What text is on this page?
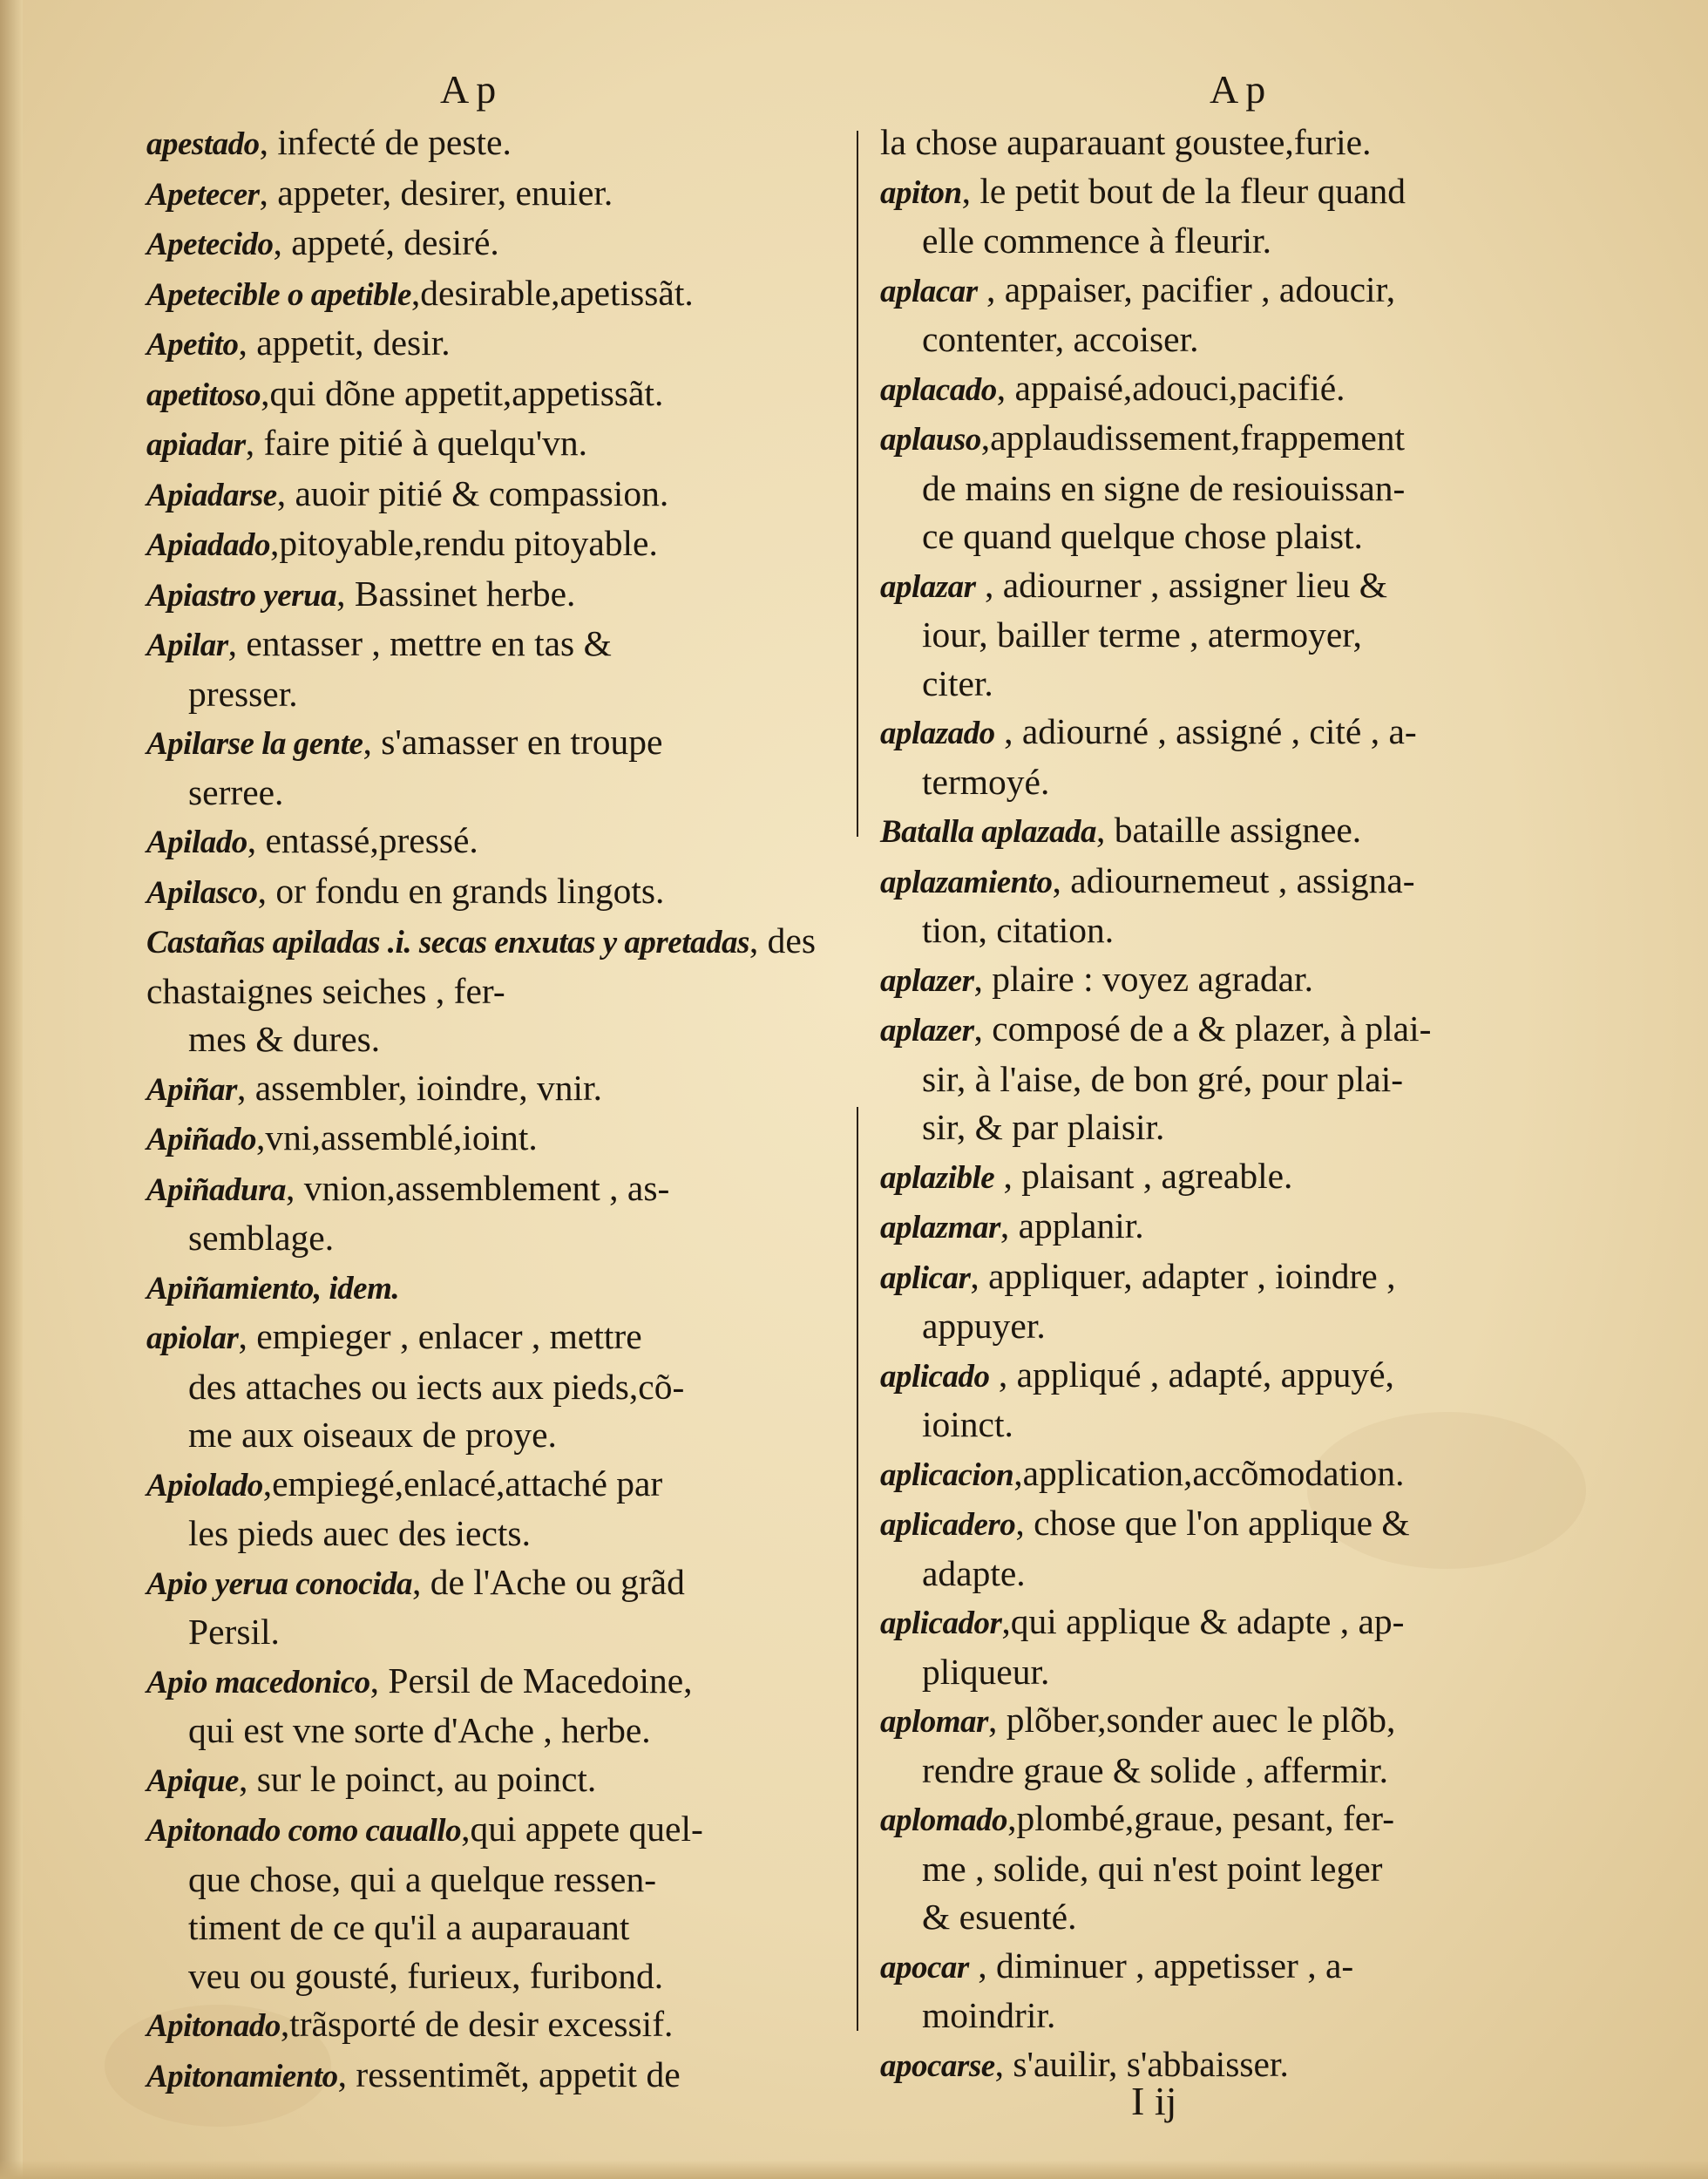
Ap	Ap

apestado, infecté de peste.

Apetecer, appeter, desirer, enuier.

Apetecido, appeté, desiré.

Apetecible o apetible,desirable,apetissãt.

Apetito, appetit, desir.

apetitoso,qui dõne appetit,appetissãt.

apiadar, faire pitié à quelqu'vn.

Apiadarse, auoir pitié & compassion.

Apiadado,pitoyable,rendu pitoyable.

Apiastro yerua, Bassinet herbe.

Apilar, entasser , mettre en tas &
presser.

Apilarse la gente, s'amasser en troupe
serree.

Apilado, entassé,pressé.

Apilasco, or fondu en grands lingots.

Castañas apiladas .i. secas enxutas y apretadas, des chastaignes seiches , fer-
mes & dures.

Apiñar, assembler, ioindre, vnir.

Apiñado,vni,assemblé,ioint.

Apiñadura, vnion,assemblement , as-
semblage.

Apiñamiento, idem.

apiolar, empieger , enlacer , mettre
des attaches ou iects aux pieds,cõ-
me aux oiseaux de proye.

Apiolado,empiegé,enlacé,attaché par
les pieds auec des iects.

Apio yerua conocida, de l'Ache ou grãd
Persil.

Apio macedonico, Persil de Macedoine,
qui est vne sorte d'Ache , herbe.

Apique, sur le poinct, au poinct.

Apitonado como cauallo,qui appete quel-
que chose, qui a quelque ressen-
timent de ce qu'il a auparauant
veu ou gousté, furieux, furibond.

Apitonado,trãsporté de desir excessif.

Apitonamiento, ressentimẽt, appetit de

la chose auparauant goustee,furie.

apiton, le petit bout de la fleur quand
elle commence à fleurir.

aplacar , appaiser, pacifier , adoucir,
contenter, accoiser.

aplacado, appaisé,adouci,pacifié.

aplauso,applaudissement,frappement
de mains en signe de resiouissan-
ce quand quelque chose plaist.

aplazar , adiourner , assigner lieu &
iour, bailler terme , atermoyer,
citer.

aplazado , adiourné , assigné , cité , a-
termoyé.

Batalla aplazada, bataille assignee.

aplazamiento, adiournemeut , assigna-
tion, citation.

aplazer, plaire : voyez agradar.

aplazer, composé de a & plazer, à plai-
sir, à l'aise, de bon gré, pour plai-
sir, & par plaisir.

aplazible , plaisant , agreable.

aplazmar, applanir.

aplicar, appliquer, adapter , ioindre ,
appuyer.

aplicado , appliqué , adapté, appuyé,
ioinct.

aplicacion,application,accõmodation.

aplicadero, chose que l'on applique &
adapte.

aplicador,qui applique & adapte , ap-
pliqueur.

aplomar, plõber,sonder auec le plõb,
rendre graue & solide , affermir.

aplomado,plombé,graue, pesant, fer-
me , solide, qui n'est point leger
& esuenté.

apocar , diminuer , appetisser , a-
moindrir.

apocarse, s'auilir, s'abbaisser.

I ij
